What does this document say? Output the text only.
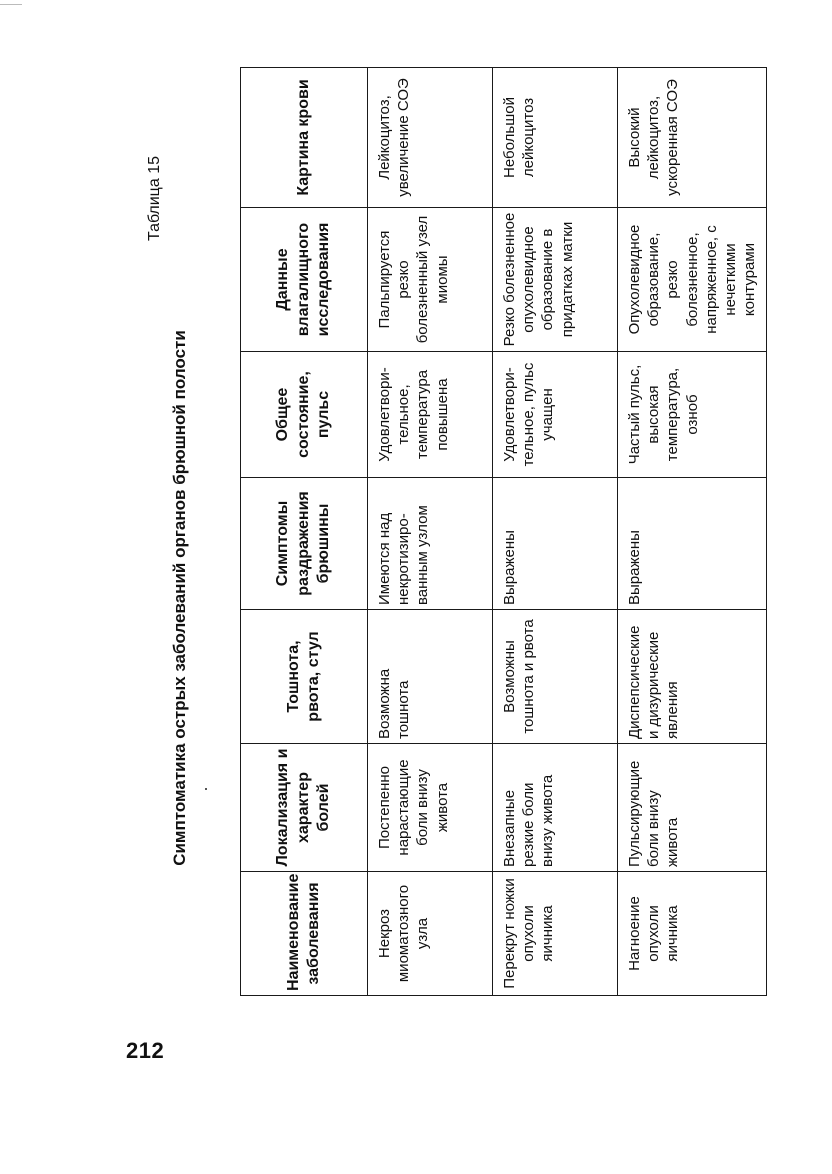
212
Таблица 15
Симптоматика острых заболеваний органов брюшной полости
Наименование заболевания	Локализация и характер болей	Тошнота, рвота, стул	Симптомы раздражения брюшины	Общее состояние, пульс	Данные влагалищного исследования	Картина крови
Некроз миоматозного узла	Постепенно нарастающие боли внизу живота	Возможна тошнота	Имеются над некротизиро- ванным узлом	Удовлетвори- тельное, температура повышена	Пальпируется резко болезненный узел миомы	Лейкоцитоз, увеличение СОЭ
Перекрут ножки опухоли яичника	Внезапные резкие боли внизу живота	Возможны тошнота и рвота	Выражены	Удовлетвори- тельное, пульс учащен	Резко болезненное опухолевидное образование в придатках матки	Небольшой лейкоцитоз
Нагноение опухоли яичника	Пульсирующие боли внизу живота	Диспепсические и дизурические явления	Выражены	Частый пульс, высокая температура, озноб	Опухолевидное образование, резко болезненное, напряженное, с нечеткими контурами	Высокий лейкоцитоз, ускоренная СОЭ
